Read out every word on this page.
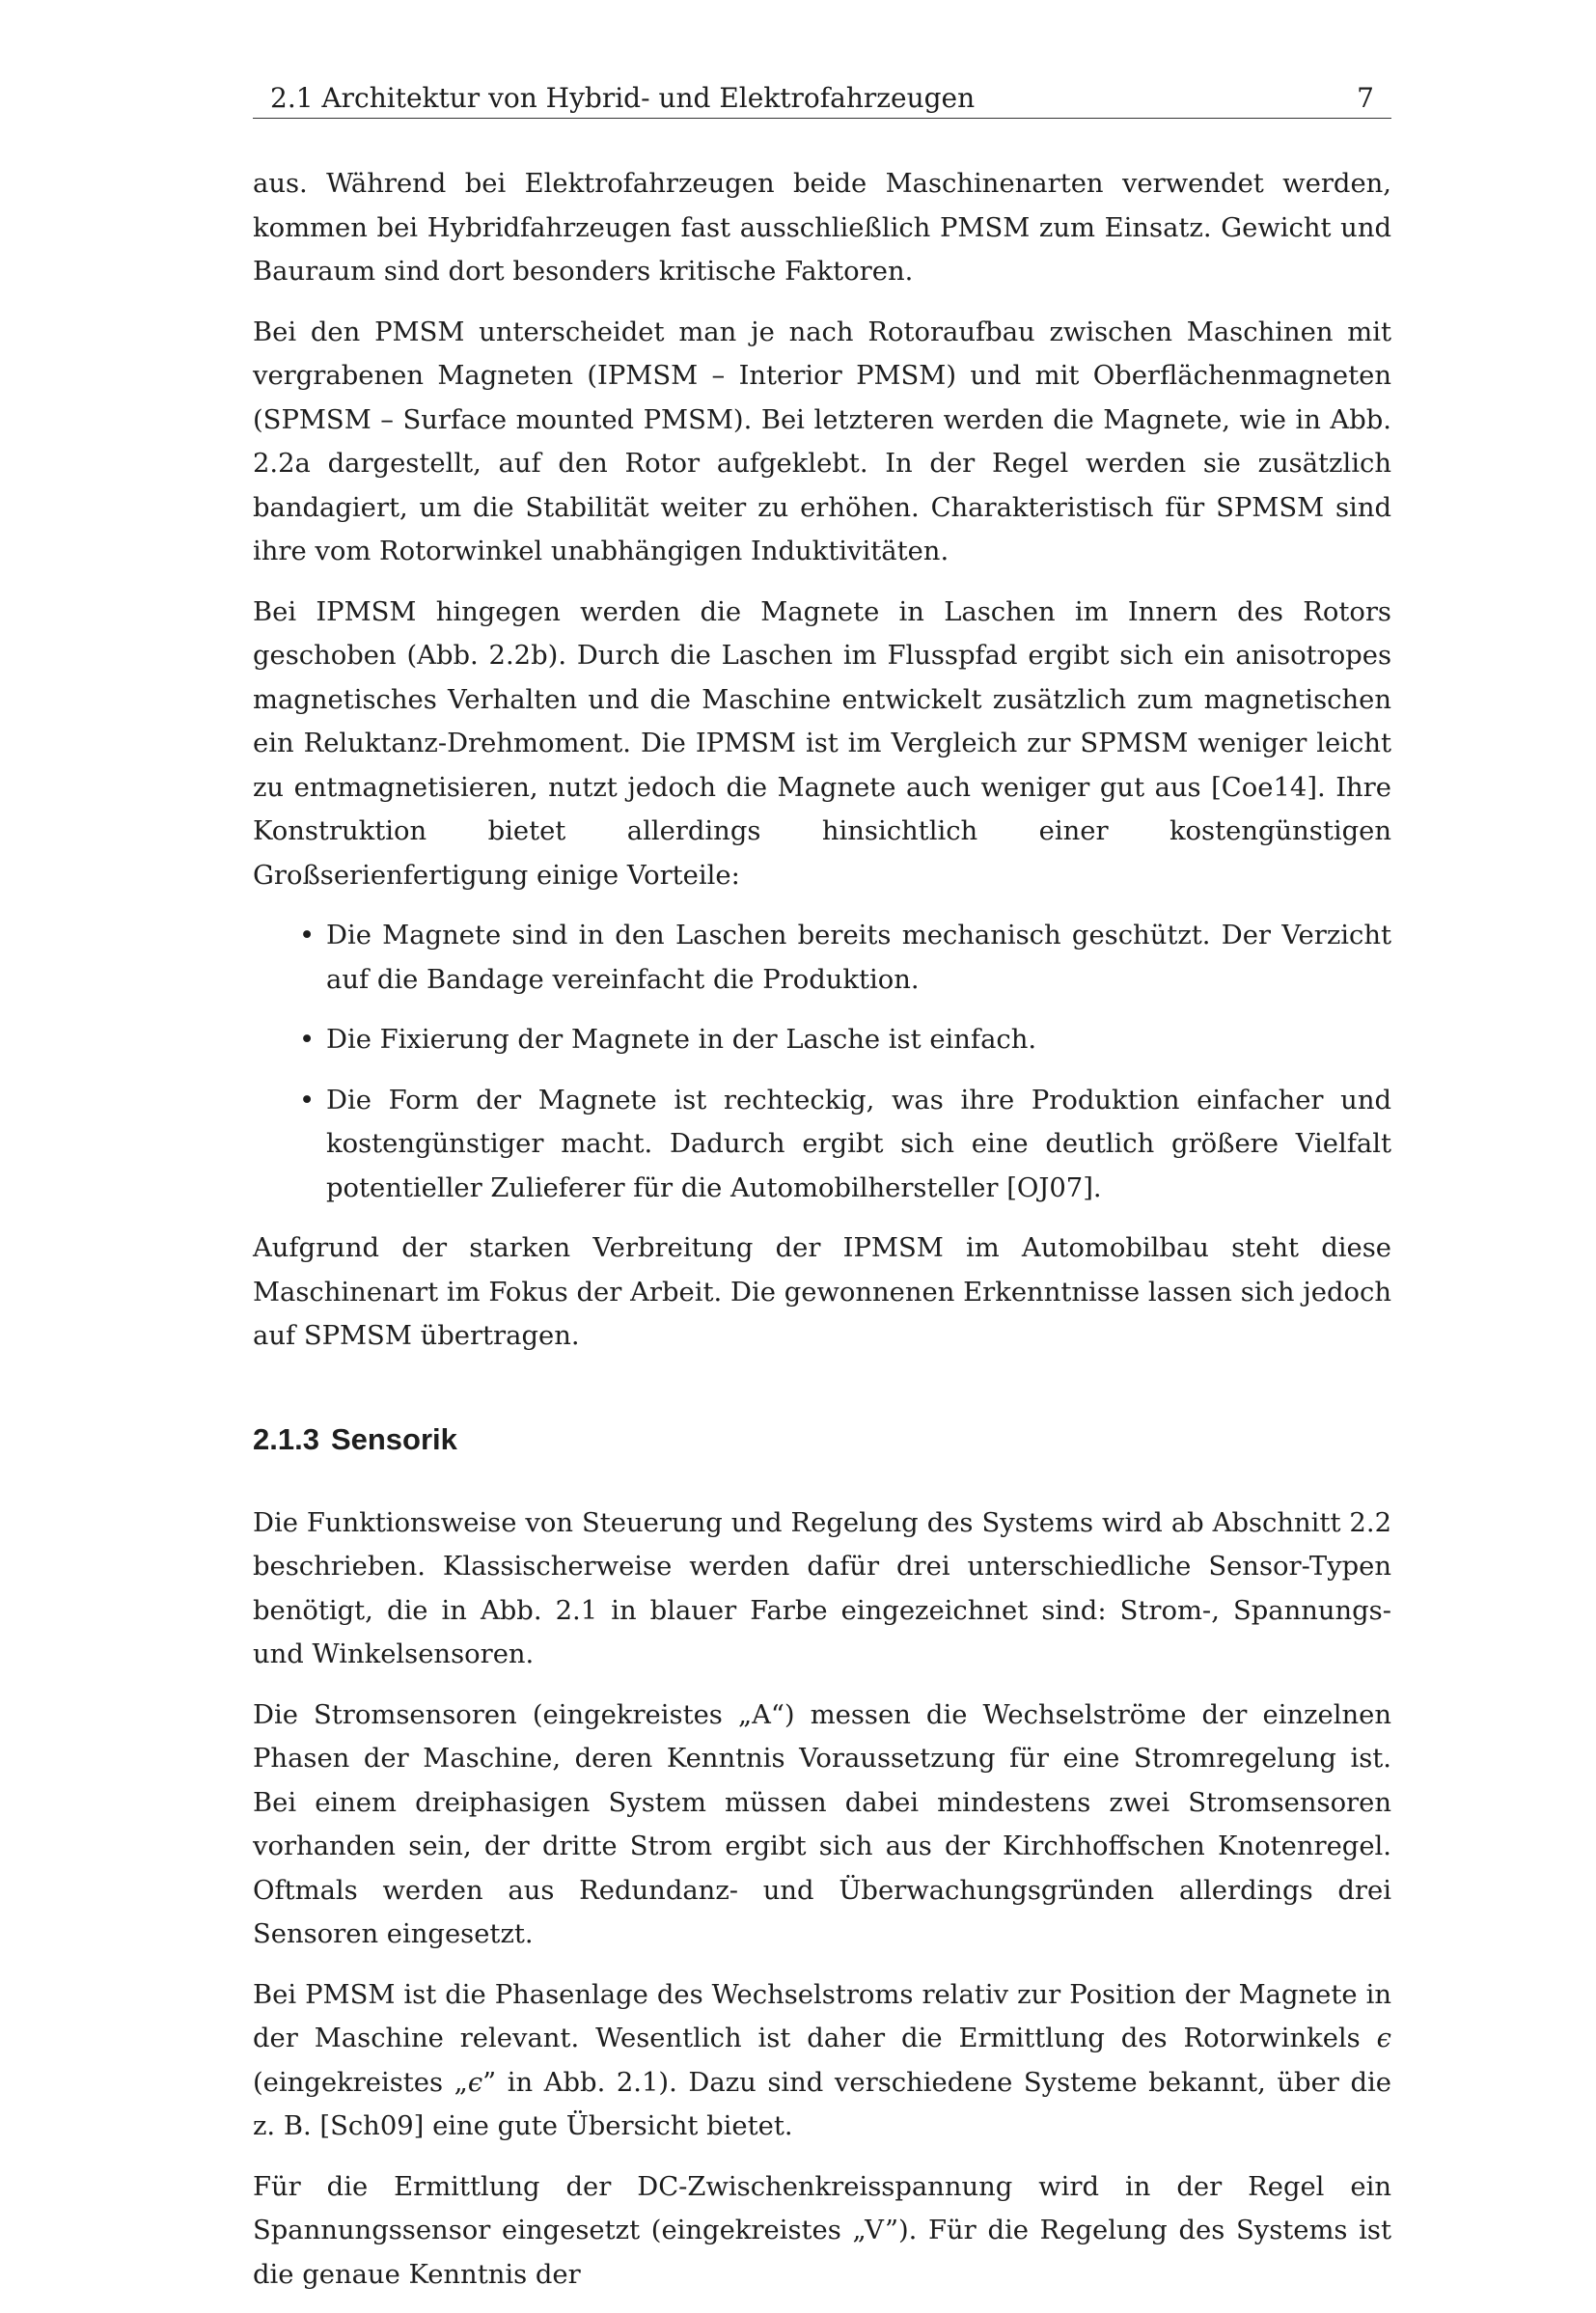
2.1 Architektur von Hybrid- und Elektrofahrzeugen	7

aus. Während bei Elektrofahrzeugen beide Maschinenarten verwendet werden, kommen bei Hybridfahrzeugen fast ausschließlich PMSM zum Einsatz. Gewicht und Bauraum sind dort besonders kritische Faktoren.

Bei den PMSM unterscheidet man je nach Rotoraufbau zwischen Maschinen mit vergrabenen Magneten (IPMSM – Interior PMSM) und mit Oberflächenmagneten (SPMSM – Surface mounted PMSM). Bei letzteren werden die Magnete, wie in Abb. 2.2a dargestellt, auf den Rotor aufgeklebt. In der Regel werden sie zusätzlich bandagiert, um die Stabilität weiter zu erhöhen. Charakteristisch für SPMSM sind ihre vom Rotorwinkel unabhängigen Induktivitäten.

Bei IPMSM hingegen werden die Magnete in Laschen im Innern des Rotors geschoben (Abb. 2.2b). Durch die Laschen im Flusspfad ergibt sich ein anisotropes magnetisches Verhalten und die Maschine entwickelt zusätzlich zum magnetischen ein Reluktanz-Drehmoment. Die IPMSM ist im Vergleich zur SPMSM weniger leicht zu entmagnetisieren, nutzt jedoch die Magnete auch weniger gut aus [Coe14]. Ihre Konstruktion bietet allerdings hinsichtlich einer kostengünstigen Großserienfertigung einige Vorteile:

• Die Magnete sind in den Laschen bereits mechanisch geschützt. Der Verzicht auf die Bandage vereinfacht die Produktion.
• Die Fixierung der Magnete in der Lasche ist einfach.
• Die Form der Magnete ist rechteckig, was ihre Produktion einfacher und kostengünstiger macht. Dadurch ergibt sich eine deutlich größere Vielfalt potentieller Zulieferer für die Automobilhersteller [OJ07].

Aufgrund der starken Verbreitung der IPMSM im Automobilbau steht diese Maschinenart im Fokus der Arbeit. Die gewonnenen Erkenntnisse lassen sich jedoch auf SPMSM übertragen.

2.1.3 Sensorik

Die Funktionsweise von Steuerung und Regelung des Systems wird ab Abschnitt 2.2 beschrieben. Klassischerweise werden dafür drei unterschiedliche Sensor-Typen benötigt, die in Abb. 2.1 in blauer Farbe eingezeichnet sind: Strom-, Spannungs- und Winkelsensoren.

Die Stromsensoren (eingekreistes „A“) messen die Wechselströme der einzelnen Phasen der Maschine, deren Kenntnis Voraussetzung für eine Stromregelung ist. Bei einem dreiphasigen System müssen dabei mindestens zwei Stromsensoren vorhanden sein, der dritte Strom ergibt sich aus der Kirchhoffschen Knotenregel. Oftmals werden aus Redundanz- und Überwachungsgründen allerdings drei Sensoren eingesetzt.

Bei PMSM ist die Phasenlage des Wechselstroms relativ zur Position der Magnete in der Maschine relevant. Wesentlich ist daher die Ermittlung des Rotorwinkels ϵ (eingekreistes „ϵ” in Abb. 2.1). Dazu sind verschiedene Systeme bekannt, über die z. B. [Sch09] eine gute Übersicht bietet.

Für die Ermittlung der DC-Zwischenkreisspannung wird in der Regel ein Spannungssensor eingesetzt (eingekreistes „V”). Für die Regelung des Systems ist die genaue Kenntnis der
